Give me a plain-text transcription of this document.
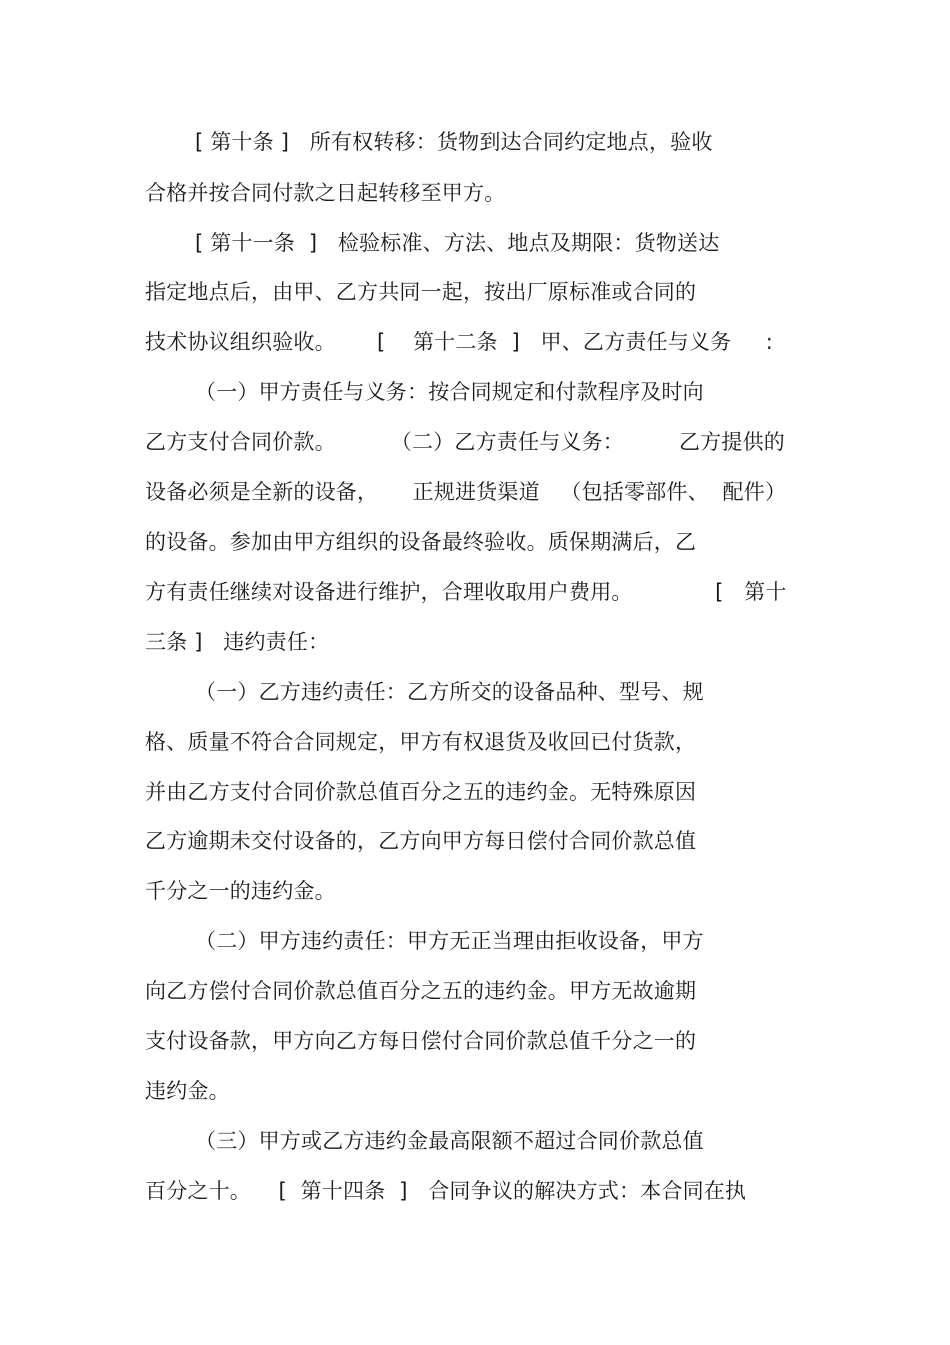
[ 第十条 ]   所有权转移：货物到达合同约定地点，验收
合格并按合同付款之日起转移至甲方。
[ 第十一条  ]   检验标准、方法、地点及期限：货物送达
指定地点后，由甲、乙方共同一起，按出厂原标准或合同的
技术协议组织验收。      [    第十二条  ]   甲、乙方责任与义务     :
（一）甲方责任与义务：按合同规定和付款程序及时向
乙方支付合同价款。        （二）乙方责任与义务：        乙方提供的
设备必须是全新的设备，     正规进货渠道   （包括零部件、  配件）
的设备。参加由甲方组织的设备最终验收。质保期满后，乙
方有责任继续对设备进行维护，合理收取用户费用。            [   第十
三条 ]   违约责任：
（一）乙方违约责任：乙方所交的设备品种、型号、规
格、质量不符合合同规定，甲方有权退货及收回已付货款，
并由乙方支付合同价款总值百分之五的违约金。无特殊原因
乙方逾期未交付设备的，乙方向甲方每日偿付合同价款总值
千分之一的违约金。
（二）甲方违约责任：甲方无正当理由拒收设备，甲方
向乙方偿付合同价款总值百分之五的违约金。甲方无故逾期
支付设备款，甲方向乙方每日偿付合同价款总值千分之一的
违约金。
（三）甲方或乙方违约金最高限额不超过合同价款总值
百分之十。    [  第十四条  ]   合同争议的解决方式：本合同在执
